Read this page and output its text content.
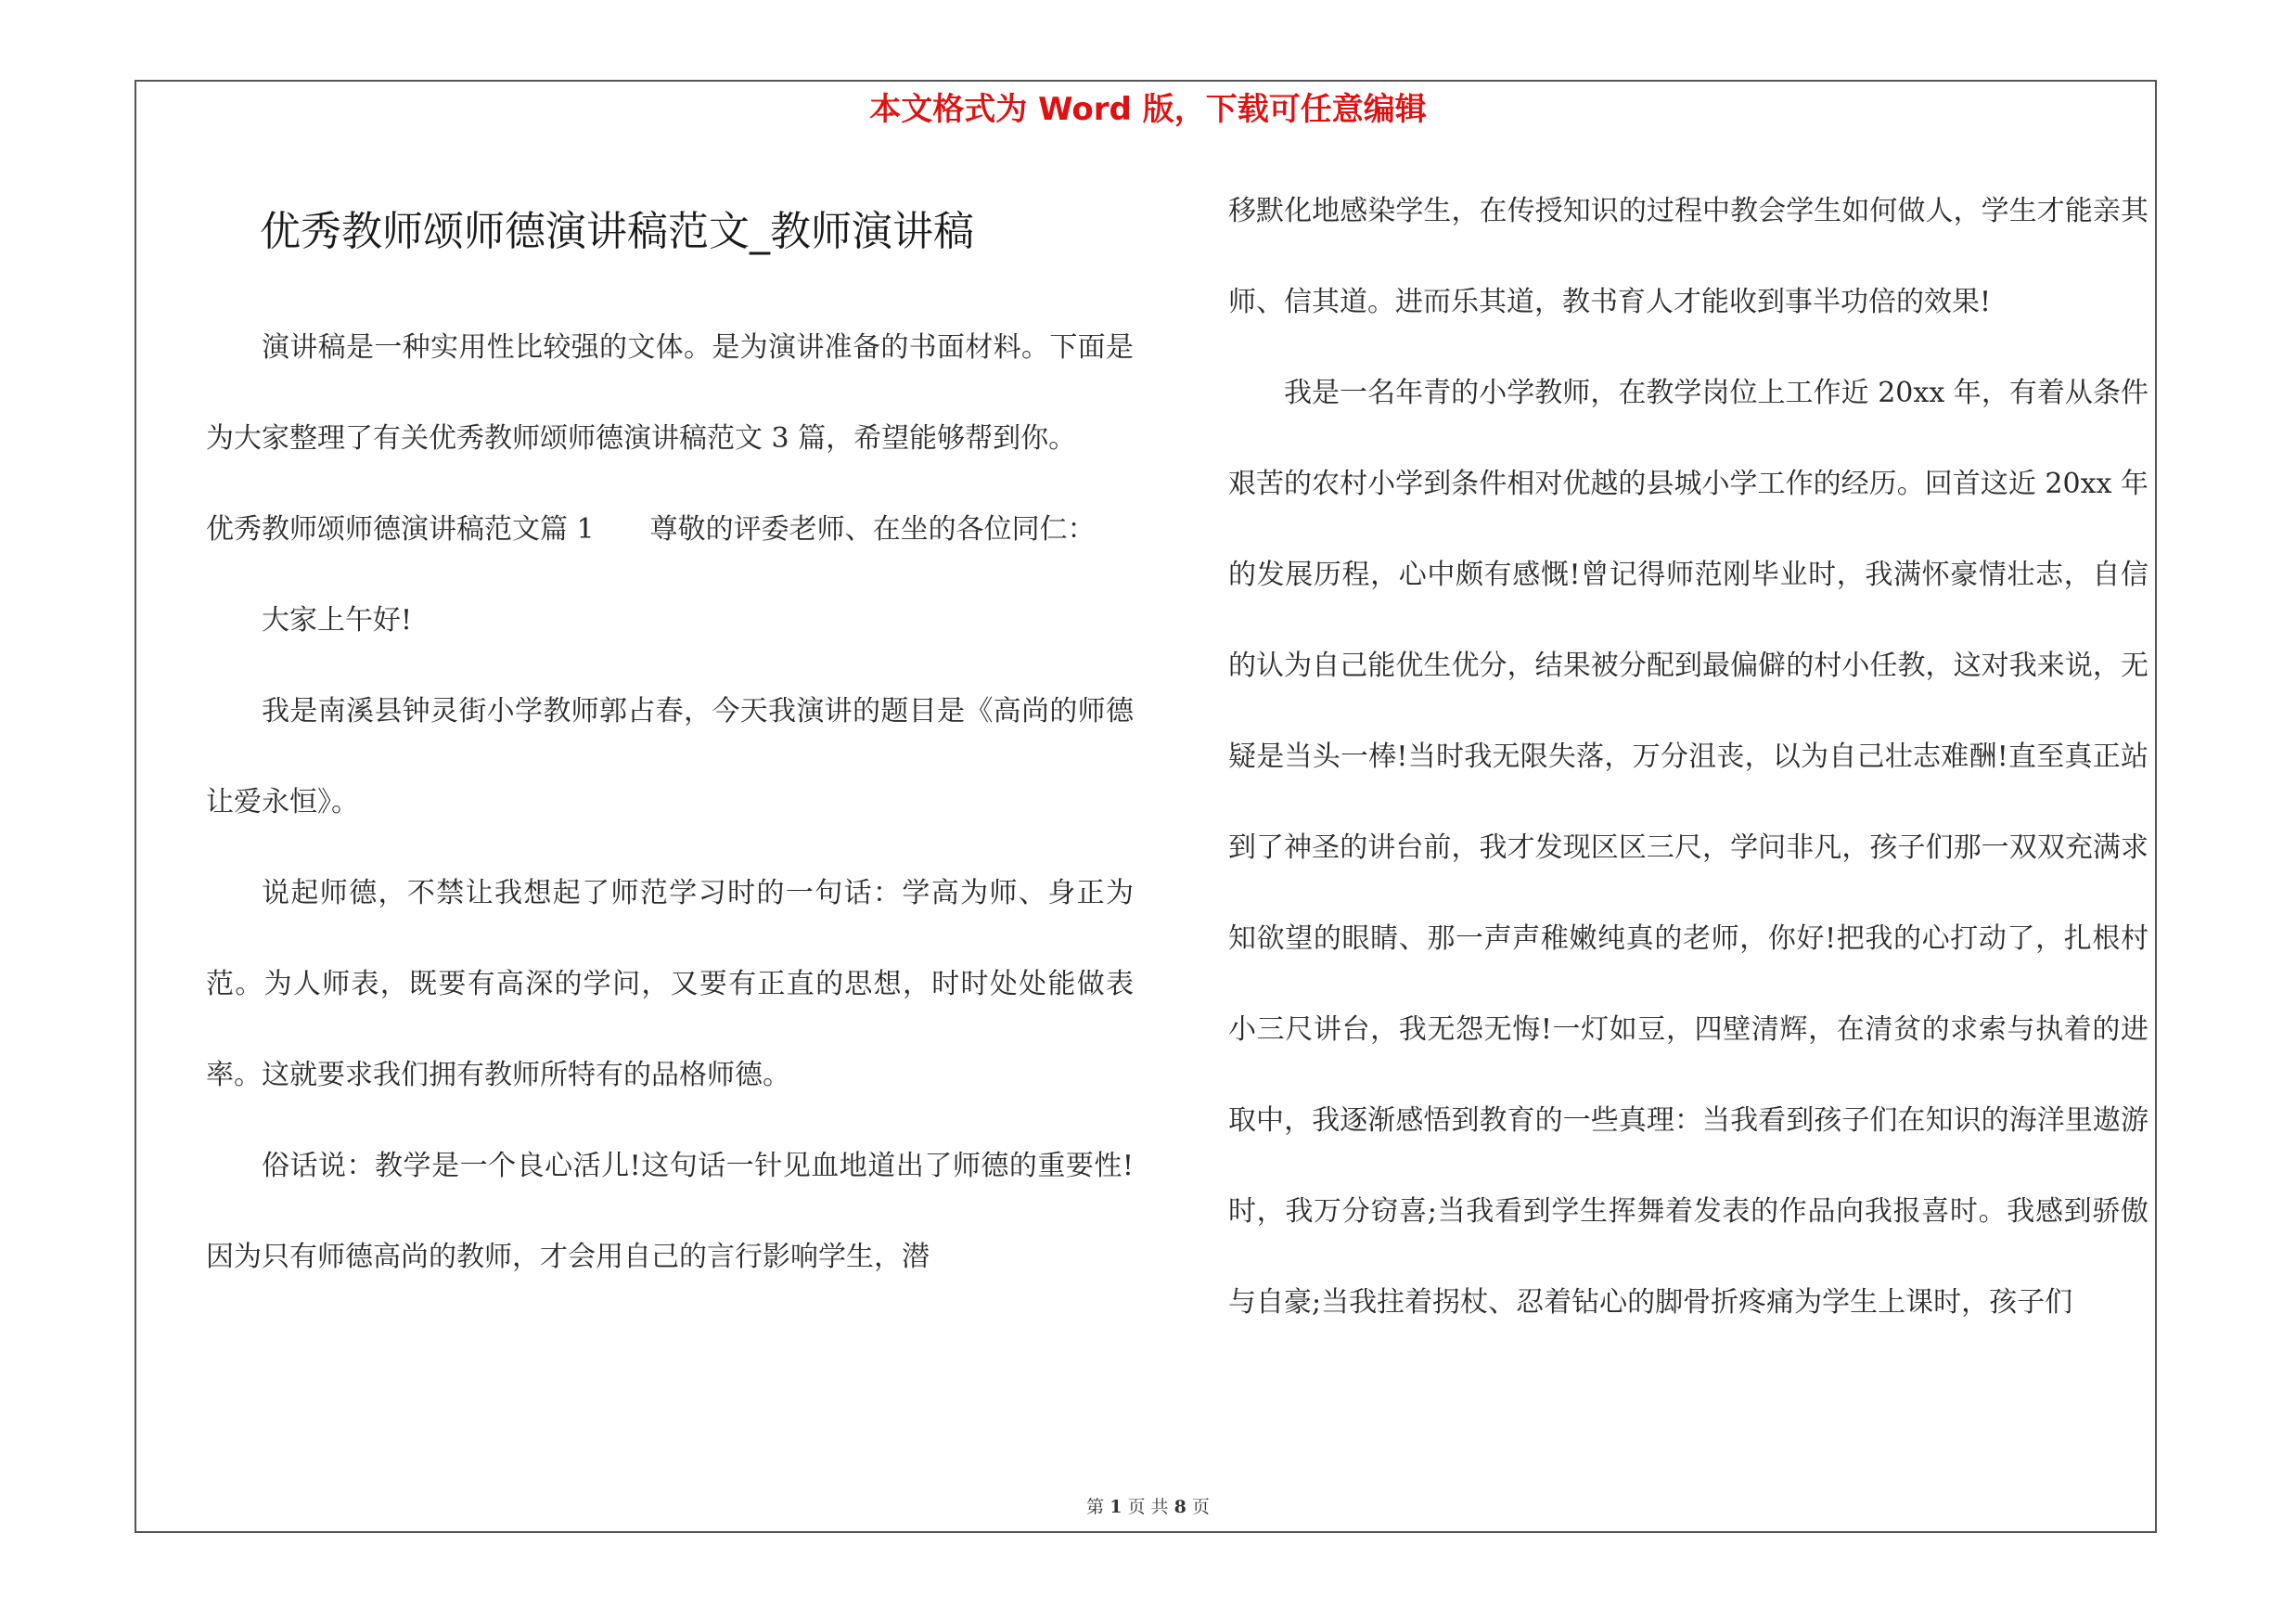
本文格式为 Word 版，下载可任意编辑

优秀教师颂师德演讲稿范文_教师演讲稿

演讲稿是一种实用性比较强的文体。是为演讲准备的书面材料。下面是为大家整理了有关优秀教师颂师德演讲稿范文 3 篇，希望能够帮到你。

优秀教师颂师德演讲稿范文篇 1　　尊敬的评委老师、在坐的各位同仁：

大家上午好!

我是南溪县钟灵街小学教师郭占春，今天我演讲的题目是《高尚的师德让爱永恒》。

说起师德，不禁让我想起了师范学习时的一句话：学高为师、身正为范。为人师表，既要有高深的学问，又要有正直的思想，时时处处能做表率。这就要求我们拥有教师所特有的品格师德。

俗话说：教学是一个良心活儿!这句话一针见血地道出了师德的重要性!因为只有师德高尚的教师，才会用自己的言行影响学生，潜

移默化地感染学生，在传授知识的过程中教会学生如何做人，学生才能亲其师、信其道。进而乐其道，教书育人才能收到事半功倍的效果!

我是一名年青的小学教师，在教学岗位上工作近 20xx 年，有着从条件艰苦的农村小学到条件相对优越的县城小学工作的经历。回首这近 20xx 年的发展历程，心中颇有感慨!曾记得师范刚毕业时，我满怀豪情壮志，自信的认为自己能优生优分，结果被分配到最偏僻的村小任教，这对我来说，无疑是当头一棒!当时我无限失落，万分沮丧，以为自己壮志难酬!直至真正站到了神圣的讲台前，我才发现区区三尺，学问非凡，孩子们那一双双充满求知欲望的眼睛、那一声声稚嫩纯真的老师，你好!把我的心打动了，扎根村小三尺讲台，我无怨无悔!一灯如豆，四壁清辉，在清贫的求索与执着的进取中，我逐渐感悟到教育的一些真理：当我看到孩子们在知识的海洋里遨游时，我万分窃喜;当我看到学生挥舞着发表的作品向我报喜时。我感到骄傲与自豪;当我拄着拐杖、忍着钻心的脚骨折疼痛为学生上课时，孩子们

第 1 页 共 8 页
